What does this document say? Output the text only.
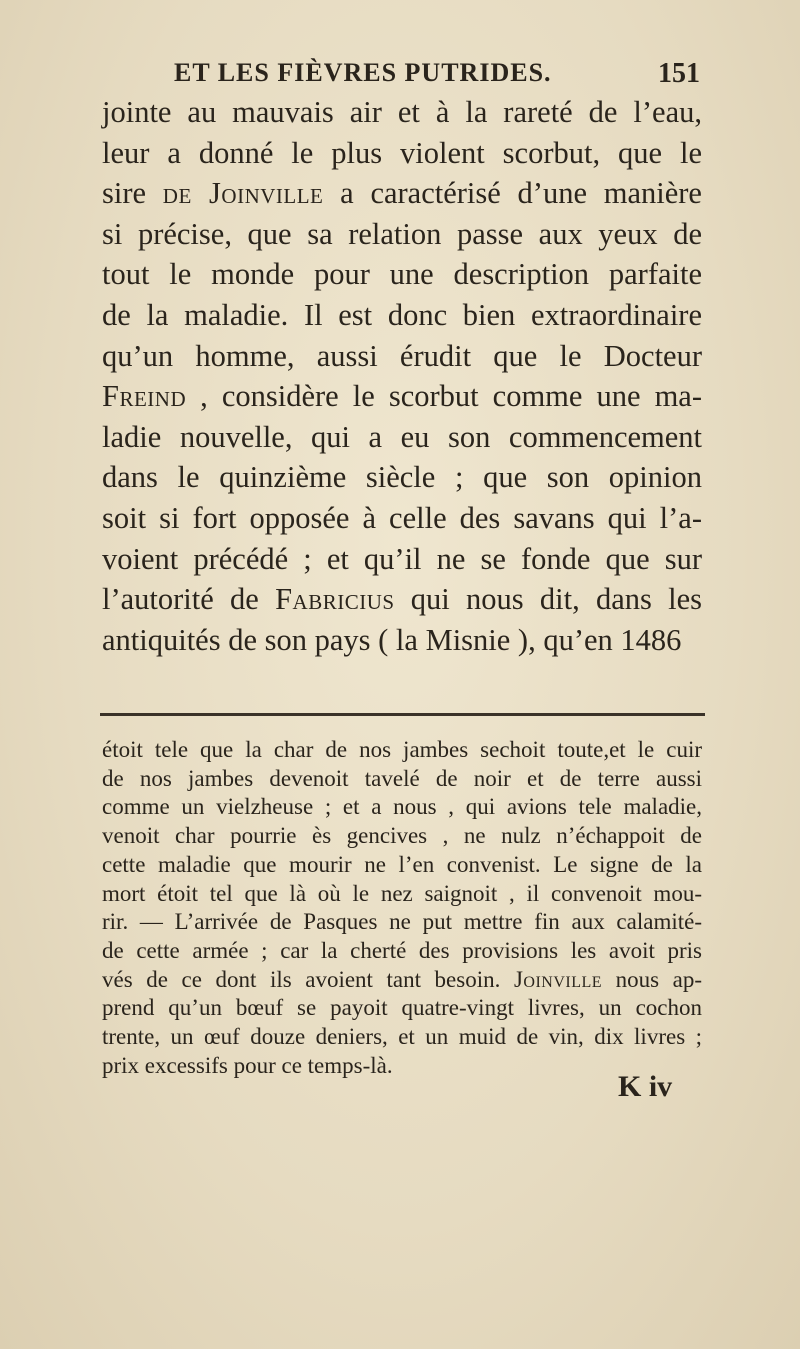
ET LES FIÈVRES PUTRIDES.	151
jointe au mauvais air et à la rareté de l’eau,
leur a donné le plus violent scorbut, que le
sire de Joinville a caractérisé d’une manière
si précise, que sa relation passe aux yeux de
tout le monde pour une description parfaite
de la maladie. Il est donc bien extraordinaire
qu’un homme, aussi érudit que le Docteur
Freind , considère le scorbut comme une ma-
ladie nouvelle, qui a eu son commencement
dans le quinzième siècle ; que son opinion
soit si fort opposée à celle des savans qui l’a-
voient précédé ; et qu’il ne se fonde que sur
l’autorité de Fabricius qui nous dit, dans les
antiquités de son pays ( la Misnie ), qu’en 1486
étoit tele que la char de nos jambes sechoit toute,et le cuir
de nos jambes devenoit tavelé de noir et de terre aussi
comme un vielzheuse ; et a nous , qui avions tele maladie,
venoit char pourrie ès gencives , ne nulz n’échappoit de
cette maladie que mourir ne l’en convenist. Le signe de la
mort étoit tel que là où le nez saignoit , il convenoit mou-
rir. — L’arrivée de Pasques ne put mettre fin aux calamité-
de cette armée ; car la cherté des provisions les avoit pris
vés de ce dont ils avoient tant besoin. Joinville nous ap-
prend qu’un bœuf se payoit quatre-vingt livres, un cochon
trente, un œuf douze deniers, et un muid de vin, dix livres ;
prix excessifs pour ce temps-là.
K iv
